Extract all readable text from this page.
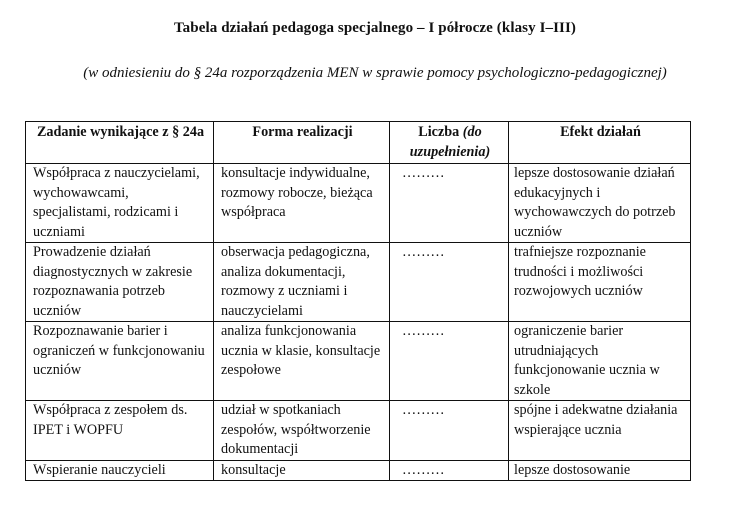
Tabela działań pedagoga specjalnego – I półrocze (klasy I–III)
(w odniesieniu do § 24a rozporządzenia MEN w sprawie pomocy psychologiczno-pedagogicznej)
Zadanie wynikające z § 24a	Forma realizacji	Liczba (do uzupełnienia)	Efekt działań
Współpraca z nauczycielami, wychowawcami, specjalistami, rodzicami i uczniami	konsultacje indywidualne, rozmowy robocze, bieżąca współpraca	………	lepsze dostosowanie działań edukacyjnych i wychowawczych do potrzeb uczniów
Prowadzenie działań diagnostycznych w zakresie rozpoznawania potrzeb uczniów	obserwacja pedagogiczna, analiza dokumentacji, rozmowy z uczniami i nauczycielami	………	trafniejsze rozpoznanie trudności i możliwości rozwojowych uczniów
Rozpoznawanie barier i ograniczeń w funkcjonowaniu uczniów	analiza funkcjonowania ucznia w klasie, konsultacje zespołowe	………	ograniczenie barier utrudniających funkcjonowanie ucznia w szkole
Współpraca z zespołem ds. IPET i WOPFU	udział w spotkaniach zespołów, współtworzenie dokumentacji	………	spójne i adekwatne działania wspierające ucznia
Wspieranie nauczycieli	konsultacje	………	lepsze dostosowanie
